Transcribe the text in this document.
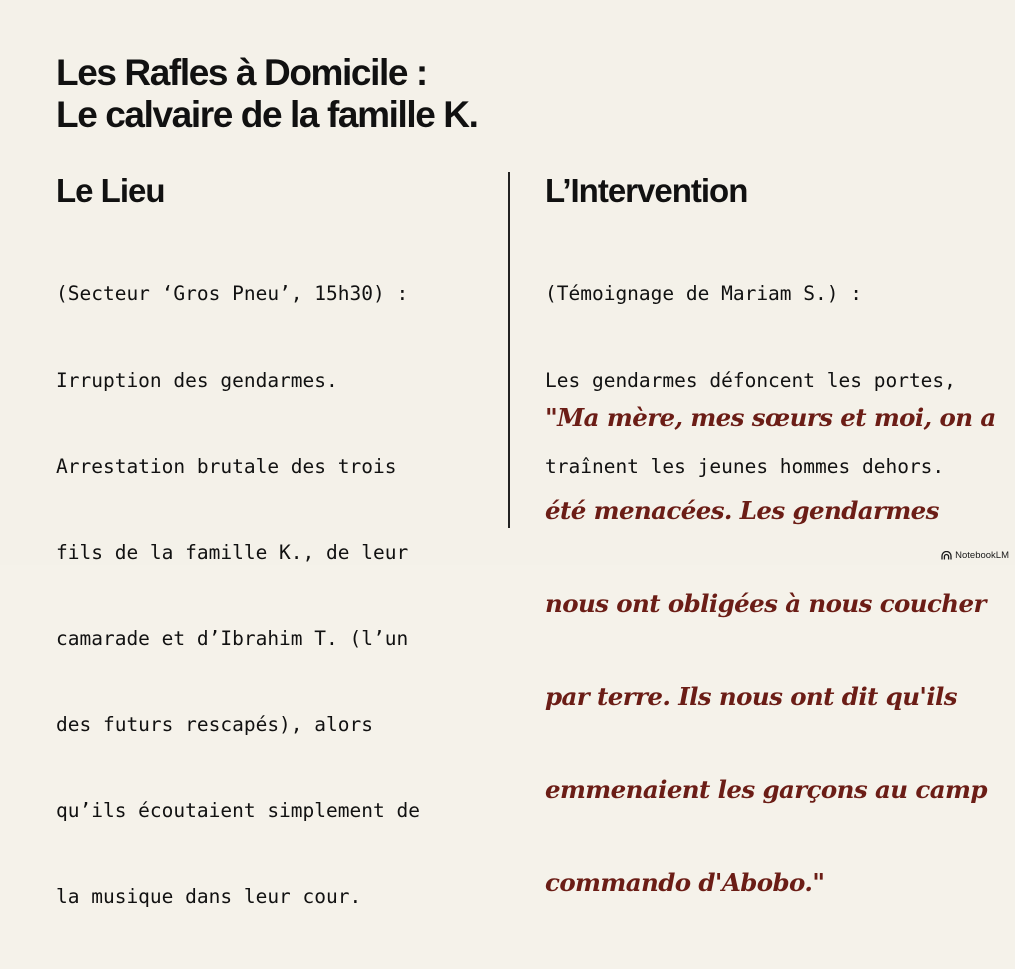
Les Rafles à Domicile :
Le calvaire de la famille K.
Le Lieu

(Secteur ‘Gros Pneu’, 15h30) :

Irruption des gendarmes.

Arrestation brutale des trois

fils de la famille K., de leur

camarade et d’Ibrahim T. (l’un

des futurs rescapés), alors

qu’ils écoutaient simplement de

la musique dans leur cour.

L’Intervention

(Témoignage de Mariam S.) :

Les gendarmes défoncent les portes,

traînent les jeunes hommes dehors.

"Ma mère, mes sœurs et moi, on a

été menacées. Les gendarmes

nous ont obligées à nous coucher

par terre. Ils nous ont dit qu'ils

emmenaient les garçons au camp

commando d'Abobo."

NotebookLM
